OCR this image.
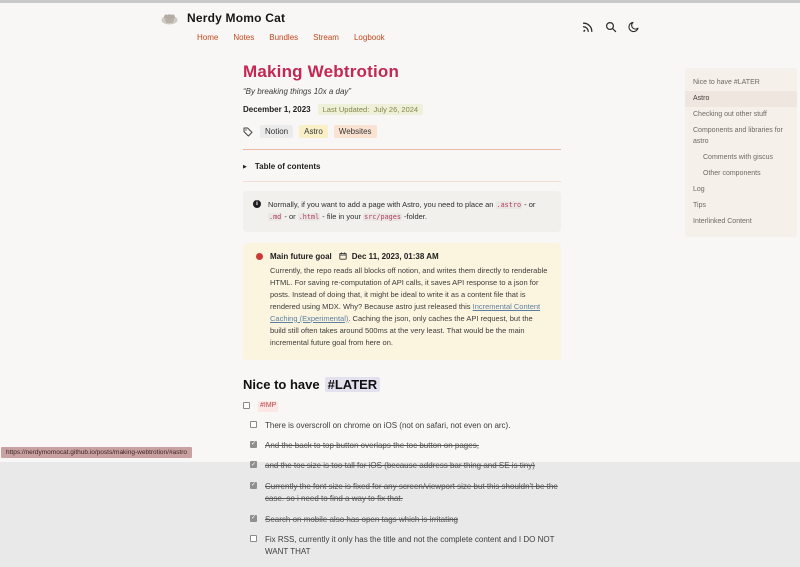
Nerdy Momo Cat
Home Notes Bundles Stream Logbook
Making Webtrotion

“By breaking things 10x a day”

December 1, 2023	Last Updated:  July 26, 2024
Notion	Astro	Websites
▶ Table of contents
i	Normally, if you want to add a page with Astro, you need to place an .astro - or .md - or .html - file in your src/pages -folder.

Main future goal	Dec 11, 2023, 01:38 AM

Currently, the repo reads all blocks off notion, and writes them directly to renderable HTML. For saving re-computation of API calls, it saves API response to a json for posts. Instead of doing that, it might be ideal to write it as a content file that is rendered using MDX. Why? Because astro just released this Incremental Content Caching (Experimental). Caching the json, only caches the API request, but the build still often takes around 500ms at the very least. That would be the main incremental future goal from here on.

Nice to have #LATER
#IMP
There is overscroll on chrome on iOS (not on safari, not even on arc).
✓
And the back to top button overlaps the toc button on pages,
✓
and the toc size is too tall for iOS (because address bar thing and SE is tiny)
✓
Currently the font size is fixed for any screen/viewport size but this shouldn't be the case. so i need to find a way to fix that.
✓
Search on mobile also has open tags which is irritating
Fix RSS, currently it only has the title and not the complete content and I DO NOT WANT THAT
Nice to have #LATER
Astro
Checking out other stuff
Components and libraries for astro
Comments with giscus
Other components
Log
Tips
Interlinked Content
https://nerdymomocat.github.io/posts/making-webtrotion/#astro
